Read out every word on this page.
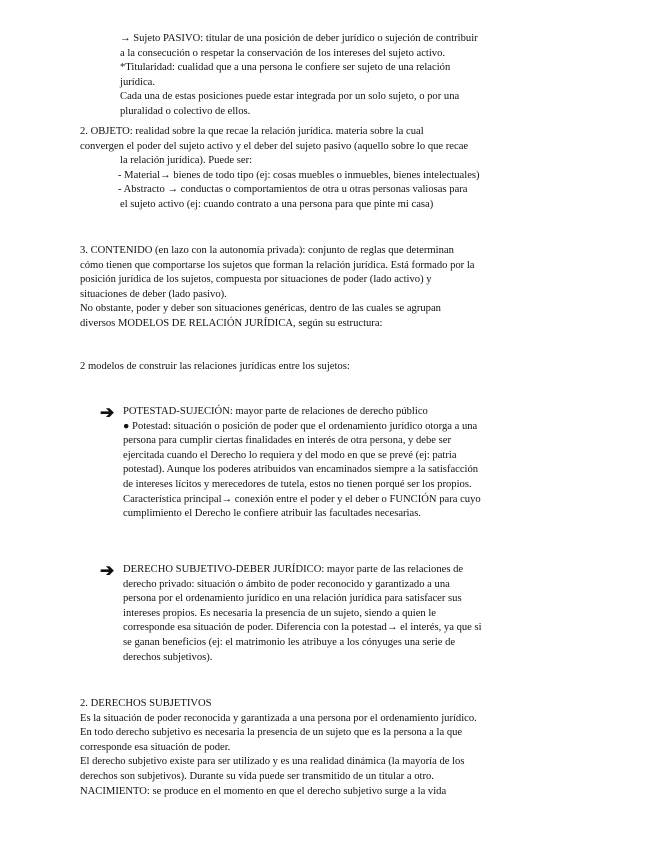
→ Sujeto PASIVO: titular de una posición de deber jurídico o sujeción de contribuir

a la consecución o respetar la conservación de los intereses del sujeto activo.

*Titularidad: cualidad que a una persona le confiere ser sujeto de una relación

jurídica.

Cada una de estas posiciones puede estar integrada por un solo sujeto, o por una

pluralidad o colectivo de ellos.

2. OBJETO: realidad sobre la que recae la relación jurídica. materia sobre la cual

convergen el poder del sujeto activo y el deber del sujeto pasivo (aquello sobre lo que recae

la relación jurídica). Puede ser:

- Material→ bienes de todo tipo (ej: cosas muebles o inmuebles, bienes intelectuales)

- Abstracto → conductas o comportamientos de otra u otras personas valiosas para

el sujeto activo (ej: cuando contrato a una persona para que pinte mi casa)

3. CONTENIDO (en lazo con la autonomía privada): conjunto de reglas que determinan

cómo tienen que comportarse los sujetos que forman la relación jurídica. Está formado por la

posición jurídica de los sujetos, compuesta por situaciones de poder (lado activo) y

situaciones de deber (lado pasivo).

No obstante, poder y deber son situaciones genéricas, dentro de las cuales se agrupan

diversos MODELOS DE RELACIÓN JURÍDICA, según su estructura:

2 modelos de construir las relaciones jurídicas entre los sujetos:

➔ POTESTAD-SUJECIÓN: mayor parte de relaciones de derecho público

● Potestad: situación o posición de poder que el ordenamiento jurídico otorga a una

persona para cumplir ciertas finalidades en interés de otra persona, y debe ser

ejercitada cuando el Derecho lo requiera y del modo en que se prevé (ej: patria

potestad). Aunque los poderes atribuidos van encaminados siempre a la satisfacción

de intereses lícitos y merecedores de tutela, estos no tienen porqué ser los propios.

Característica principal→ conexión entre el poder y el deber o FUNCIÓN para cuyo

cumplimiento el Derecho le confiere atribuir las facultades necesarias.

➔ DERECHO SUBJETIVO-DEBER JURÍDICO: mayor parte de las relaciones de

derecho privado: situación o ámbito de poder reconocido y garantizado a una

persona por el ordenamiento jurídico en una relación jurídica para satisfacer sus

intereses propios. Es necesaria la presencia de un sujeto, siendo a quien le

corresponde esa situación de poder. Diferencia con la potestad→ el interés, ya que si

se ganan beneficios (ej: el matrimonio les atribuye a los cónyuges una serie de

derechos subjetivos).

2. DERECHOS SUBJETIVOS

Es la situación de poder reconocida y garantizada a una persona por el ordenamiento jurídico.

En todo derecho subjetivo es necesaria la presencia de un sujeto que es la persona a la que

corresponde esa situación de poder.

El derecho subjetivo existe para ser utilizado y es una realidad dinámica (la mayoría de los

derechos son subjetivos). Durante su vida puede ser transmitido de un titular a otro.

NACIMIENTO: se produce en el momento en que el derecho subjetivo surge a la vida
